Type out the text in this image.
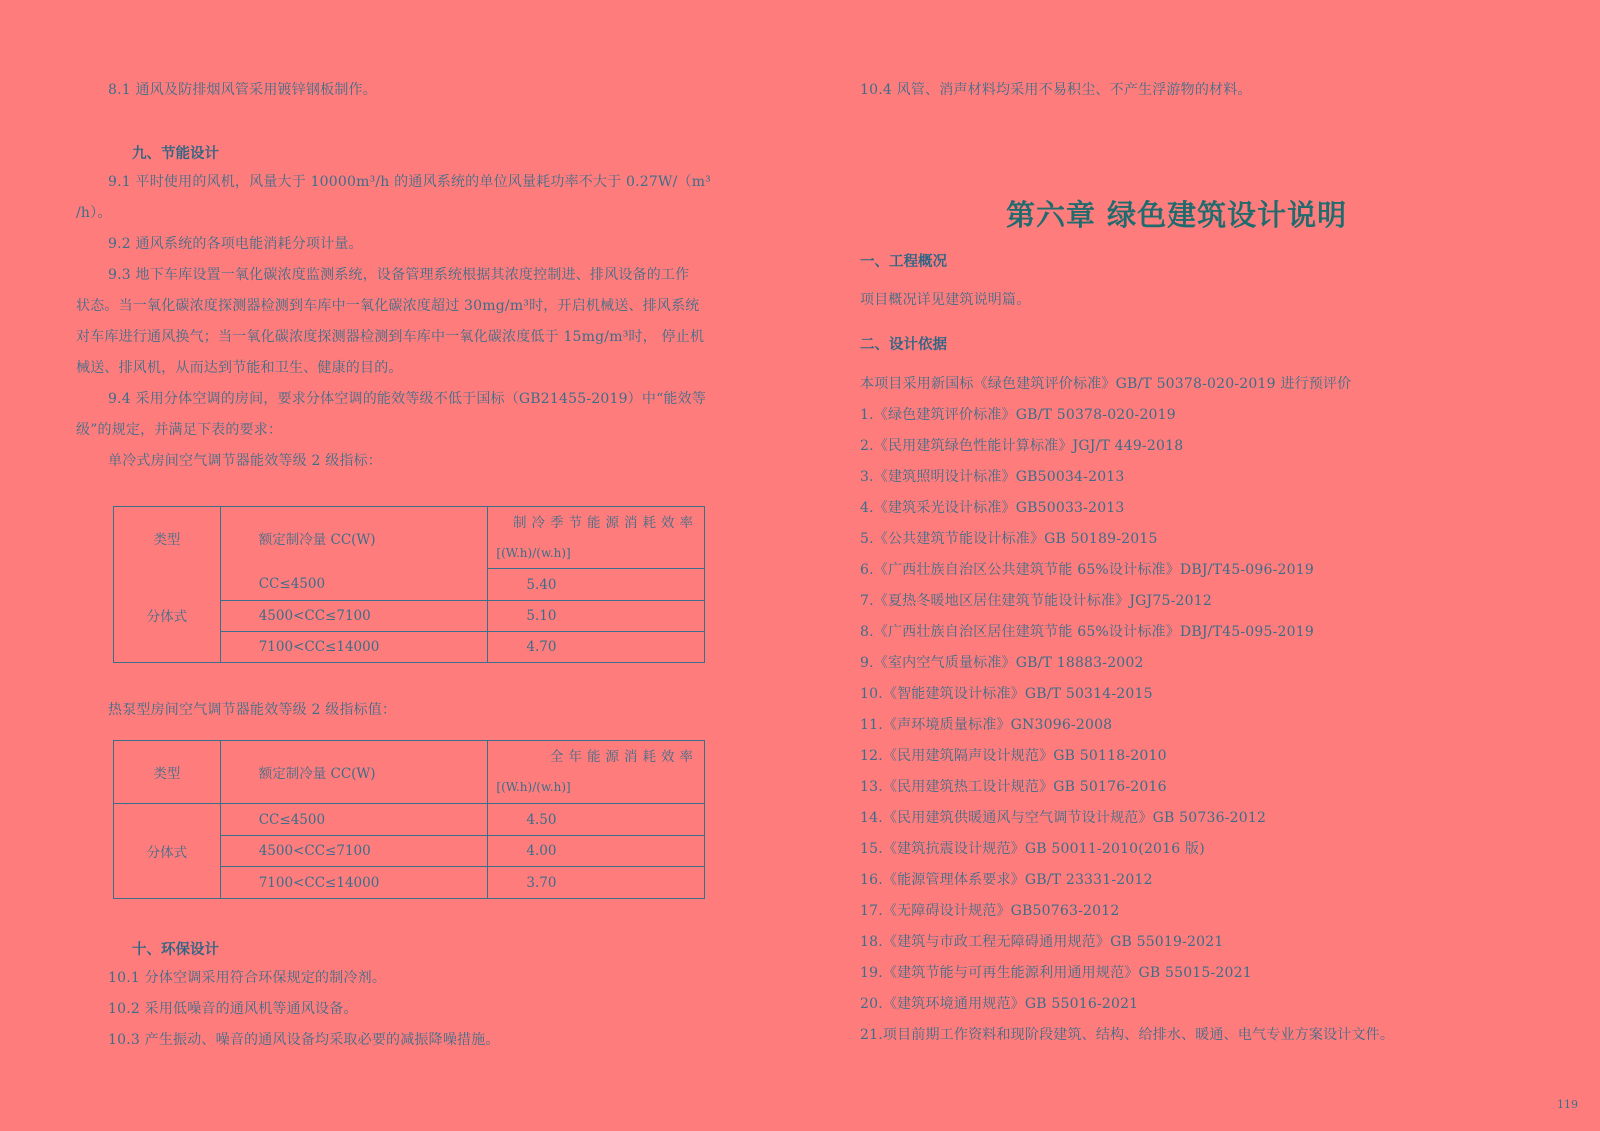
8.1 通风及防排烟风管采用镀锌钢板制作。

九、节能设计

9.1 平时使用的风机，风量大于 10000m³/h 的通风系统的单位风量耗功率不大于 0.27W/（m³

/h）。

9.2 通风系统的各项电能消耗分项计量。

9.3 地下车库设置一氧化碳浓度监测系统，设备管理系统根据其浓度控制进、排风设备的工作

状态。当一氧化碳浓度探测器检测到车库中一氧化碳浓度超过 30mg/m³时，开启机械送、排风系统

对车库进行通风换气；当一氧化碳浓度探测器检测到车库中一氧化碳浓度低于 15mg/m³时， 停止机

械送、排风机，从而达到节能和卫生、健康的目的。

9.4 采用分体空调的房间，要求分体空调的能效等级不低于国标（GB21455-2019）中“能效等

级”的规定，并满足下表的要求：

单冷式房间空气调节器能效等级 2 级指标：

类型	额定制冷量 CC(W)	制冷季节能源消耗效率
[(W.h)/(w.h)]

分体式	CC≤4500	5.40
	4500<CC≤7100	5.10
	7100<CC≤14000	4.70

热泵型房间空气调节器能效等级 2 级指标值：

类型	额定制冷量 CC(W)	全年能源消耗效率
[(W.h)/(w.h)]

分体式	CC≤4500	4.50
	4500<CC≤7100	4.00
	7100<CC≤14000	3.70

十、环保设计

10.1 分体空调采用符合环保规定的制冷剂。

10.2 采用低噪音的通风机等通风设备。

10.3 产生振动、噪音的通风设备均采取必要的减振降噪措施。

10.4 风管、消声材料均采用不易积尘、不产生浮游物的材料。

第六章 绿色建筑设计说明

一、工程概况

项目概况详见建筑说明篇。

二、设计依据

本项目采用新国标《绿色建筑评价标准》GB/T 50378-020-2019 进行预评价

1.《绿色建筑评价标准》GB/T 50378-020-2019

2.《民用建筑绿色性能计算标准》JGJ/T 449-2018

3.《建筑照明设计标准》GB50034-2013

4.《建筑采光设计标准》GB50033-2013

5.《公共建筑节能设计标准》GB 50189-2015

6.《广西壮族自治区公共建筑节能 65%设计标准》DBJ/T45-096-2019

7.《夏热冬暖地区居住建筑节能设计标准》JGJ75-2012

8.《广西壮族自治区居住建筑节能 65%设计标准》DBJ/T45-095-2019

9.《室内空气质量标准》GB/T 18883-2002

10.《智能建筑设计标准》GB/T 50314-2015

11.《声环境质量标准》GN3096-2008

12.《民用建筑隔声设计规范》GB 50118-2010

13.《民用建筑热工设计规范》GB 50176-2016

14.《民用建筑供暖通风与空气调节设计规范》GB 50736-2012

15.《建筑抗震设计规范》GB 50011-2010(2016 版)

16.《能源管理体系要求》GB/T 23331-2012

17.《无障碍设计规范》GB50763-2012

18.《建筑与市政工程无障碍通用规范》GB 55019-2021

19.《建筑节能与可再生能源利用通用规范》GB 55015-2021

20.《建筑环境通用规范》GB 55016-2021

21.项目前期工作资料和现阶段建筑、结构、给排水、暖通、电气专业方案设计文件。

119
